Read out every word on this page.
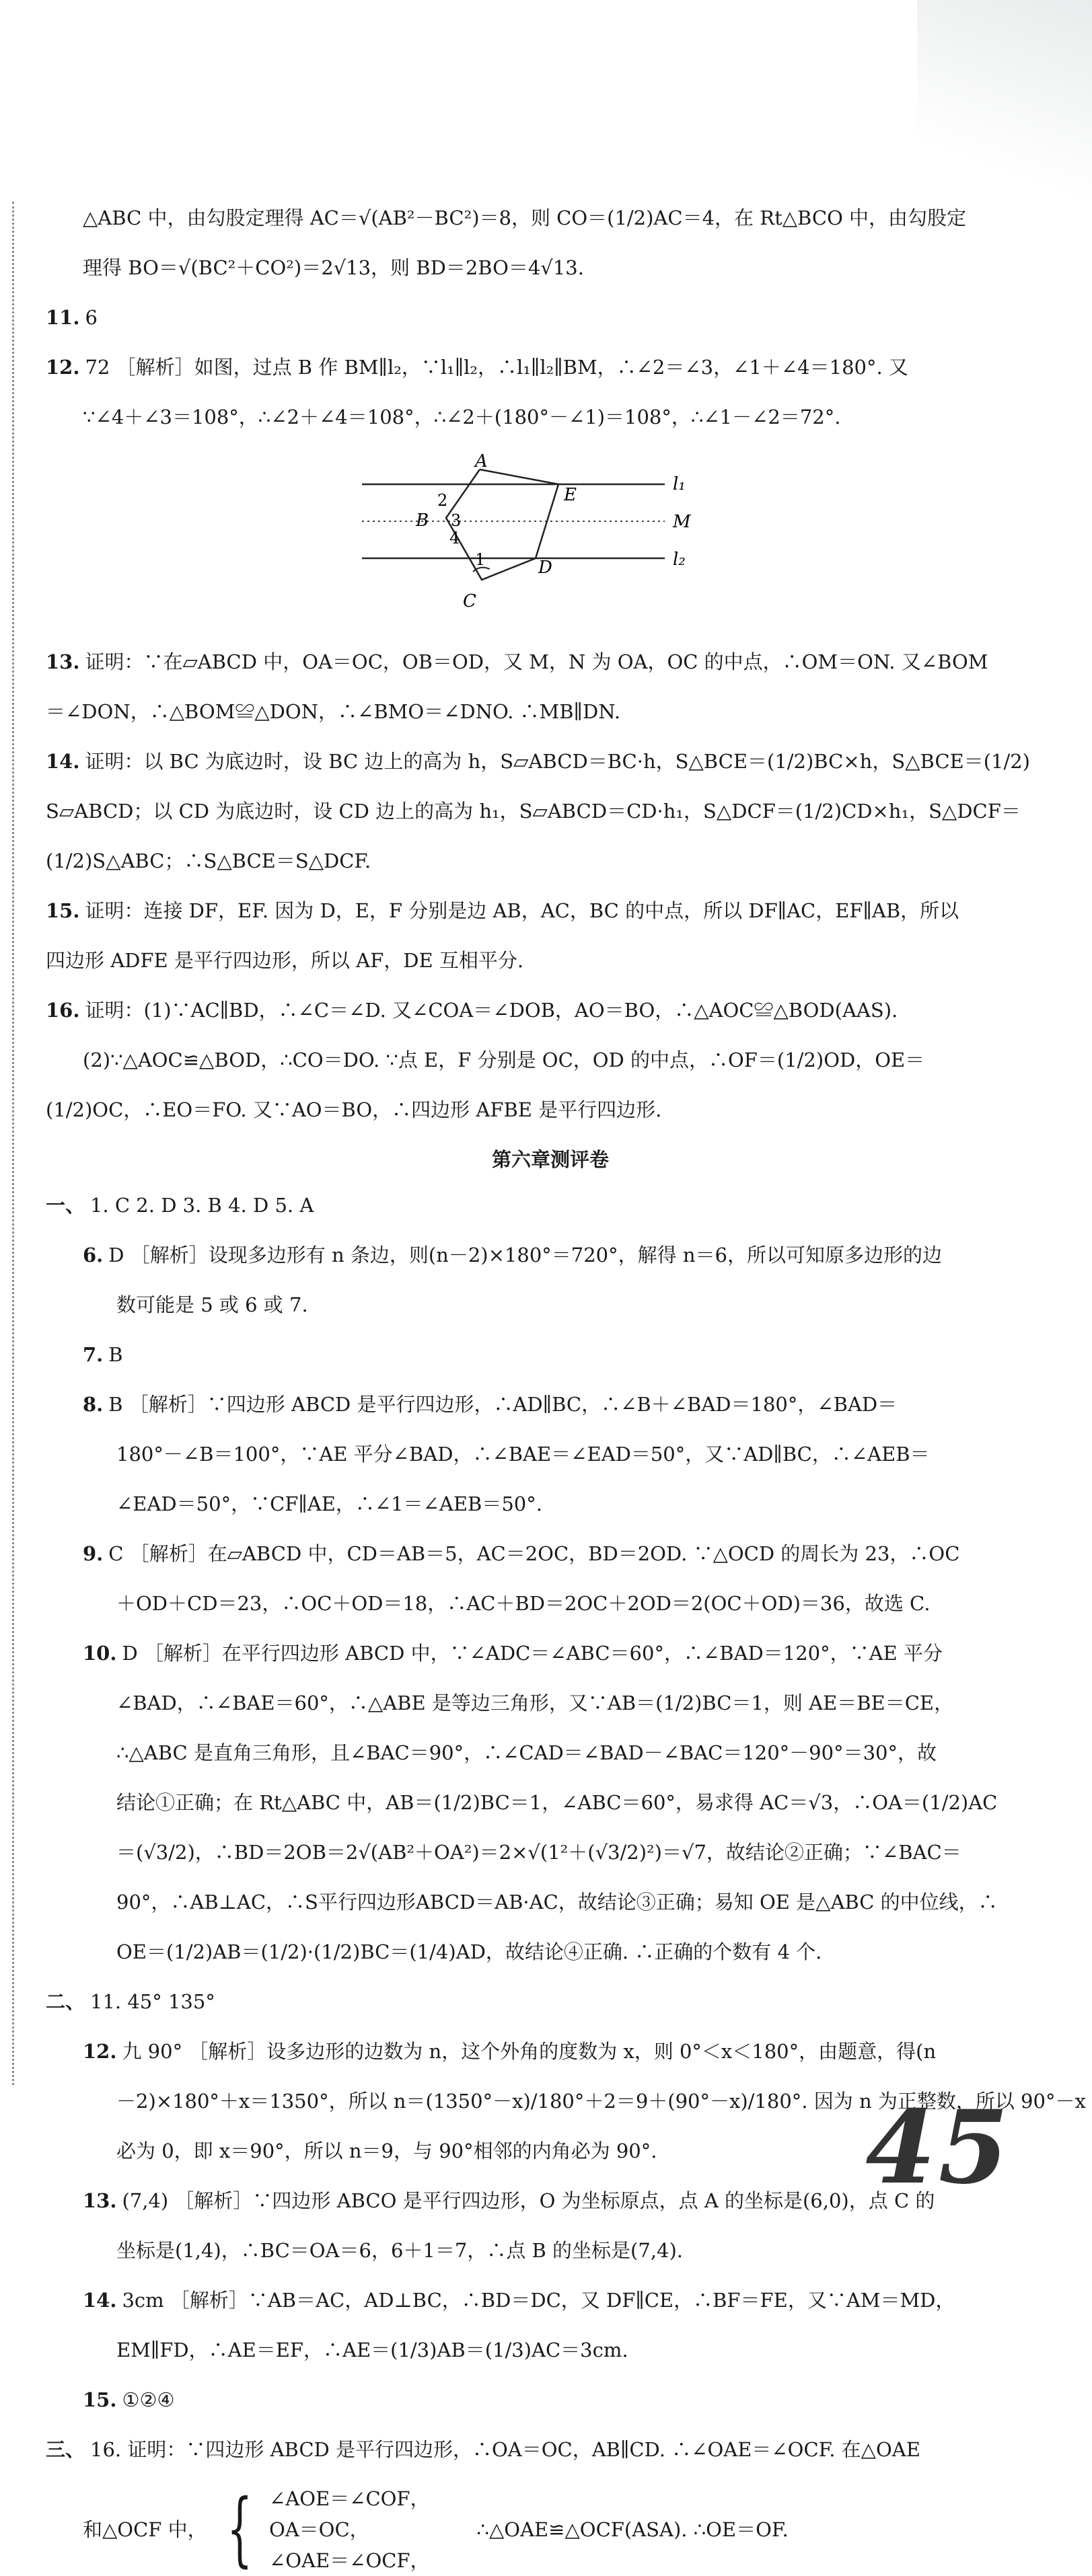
△ABC 中，由勾股定理得 AC＝√(AB²－BC²)＝8，则 CO＝(1/2)AC＝4，在 Rt△BCO 中，由勾股定
理得 BO＝√(BC²＋CO²)＝2√13，则 BD＝2BO＝4√13.
11. 6
12. 72 ［解析］如图，过点 B 作 BM∥l₂，∵l₁∥l₂，∴l₁∥l₂∥BM，∴∠2＝∠3，∠1＋∠4＝180°. 又
∵∠4＋∠3＝108°，∴∠2＋∠4＝108°，∴∠2＋(180°－∠1)＝108°，∴∠1－∠2＝72°.
A
B
C
D
E
2
3
4
1
l₁
M
l₂
13. 证明：∵在▱ABCD 中，OA＝OC，OB＝OD，又 M，N 为 OA，OC 的中点，∴OM＝ON. 又∠BOM
＝∠DON，∴△BOM≌△DON，∴∠BMO＝∠DNO. ∴MB∥DN.
14. 证明：以 BC 为底边时，设 BC 边上的高为 h，S▱ABCD＝BC·h，S△BCE＝(1/2)BC×h，S△BCE＝(1/2)
S▱ABCD；以 CD 为底边时，设 CD 边上的高为 h₁，S▱ABCD＝CD·h₁，S△DCF＝(1/2)CD×h₁，S△DCF＝
(1/2)S△ABC；∴S△BCE＝S△DCF.
15. 证明：连接 DF，EF. 因为 D，E，F 分别是边 AB，AC，BC 的中点，所以 DF∥AC，EF∥AB，所以
四边形 ADFE 是平行四边形，所以 AF，DE 互相平分.
16. 证明：(1)∵AC∥BD，∴∠C＝∠D. 又∠COA＝∠DOB，AO＝BO，∴△AOC≌△BOD(AAS).
(2)∵△AOC≌△BOD，∴CO＝DO. ∵点 E，F 分别是 OC，OD 的中点，∴OF＝(1/2)OD，OE＝
(1/2)OC，∴EO＝FO. 又∵AO＝BO，∴四边形 AFBE 是平行四边形.
第六章测评卷
一、 1. C 2. D 3. B 4. D 5. A
6. D ［解析］设现多边形有 n 条边，则(n－2)×180°＝720°，解得 n＝6，所以可知原多边形的边
数可能是 5 或 6 或 7.
7. B
8. B ［解析］∵四边形 ABCD 是平行四边形，∴AD∥BC，∴∠B＋∠BAD＝180°，∠BAD＝
180°－∠B＝100°，∵AE 平分∠BAD，∴∠BAE＝∠EAD＝50°，又∵AD∥BC，∴∠AEB＝
∠EAD＝50°，∵CF∥AE，∴∠1＝∠AEB＝50°.
9. C ［解析］在▱ABCD 中，CD＝AB＝5，AC＝2OC，BD＝2OD. ∵△OCD 的周长为 23，∴OC
＋OD＋CD＝23，∴OC＋OD＝18，∴AC＋BD＝2OC＋2OD＝2(OC＋OD)＝36，故选 C.
10. D ［解析］在平行四边形 ABCD 中，∵∠ADC＝∠ABC＝60°，∴∠BAD＝120°，∵AE 平分
∠BAD，∴∠BAE＝60°，∴△ABE 是等边三角形，又∵AB＝(1/2)BC＝1，则 AE＝BE＝CE，
∴△ABC 是直角三角形，且∠BAC＝90°，∴∠CAD＝∠BAD－∠BAC＝120°－90°＝30°，故
结论①正确；在 Rt△ABC 中，AB＝(1/2)BC＝1，∠ABC＝60°，易求得 AC＝√3，∴OA＝(1/2)AC
＝(√3/2)，∴BD＝2OB＝2√(AB²＋OA²)＝2×√(1²＋(√3/2)²)＝√7，故结论②正确；∵∠BAC＝
90°，∴AB⊥AC，∴S平行四边形ABCD＝AB·AC，故结论③正确；易知 OE 是△ABC 的中位线，∴
OE＝(1/2)AB＝(1/2)·(1/2)BC＝(1/4)AD，故结论④正确. ∴正确的个数有 4 个.
二、 11. 45° 135°
12. 九 90° ［解析］设多边形的边数为 n，这个外角的度数为 x，则 0°＜x＜180°，由题意，得(n
－2)×180°＋x＝1350°，所以 n＝(1350°－x)/180°＋2＝9＋(90°－x)/180°. 因为 n 为正整数，所以 90°－x
必为 0，即 x＝90°，所以 n＝9，与 90°相邻的内角必为 90°.
13. (7,4) ［解析］∵四边形 ABCO 是平行四边形，O 为坐标原点，点 A 的坐标是(6,0)，点 C 的
坐标是(1,4)，∴BC＝OA＝6，6＋1＝7，∴点 B 的坐标是(7,4).
14. 3cm ［解析］∵AB＝AC，AD⊥BC，∴BD＝DC，又 DF∥CE，∴BF＝FE，又∵AM＝MD，
EM∥FD，∴AE＝EF，∴AE＝(1/3)AB＝(1/3)AC＝3cm.
15. ①②④
三、 16. 证明：∵四边形 ABCD 是平行四边形，∴OA＝OC，AB∥CD. ∴∠OAE＝∠OCF. 在△OAE
和△OCF 中， { ∠AOE＝∠COF，
OA＝OC，
∠OAE＝∠OCF，
∴△OAE≌△OCF(ASA). ∴OE＝OF.
45
